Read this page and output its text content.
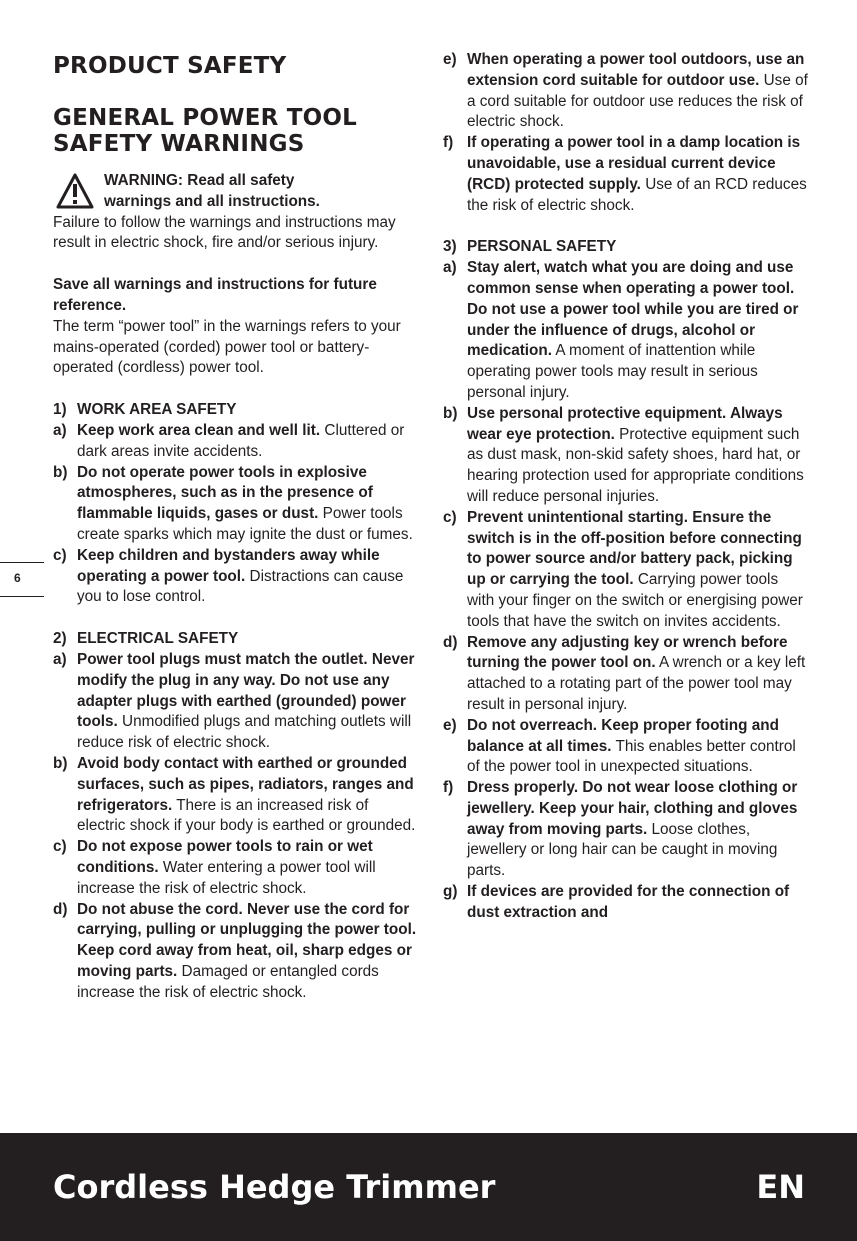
PRODUCT SAFETY
GENERAL POWER TOOL
SAFETY WARNINGS

WARNING: Read all safety

warnings and all instructions.

Failure to follow the warnings and instructions may result in electric shock, fire and/or serious injury.

Save all warnings and instructions for future reference.

The term “power tool” in the warnings refers to your mains-operated (corded) power tool or battery-operated (cordless) power tool.

1) WORK AREA SAFETY
a) Keep work area clean and well lit. Cluttered or dark areas invite accidents.
b) Do not operate power tools in explosive atmospheres, such as in the presence of flammable liquids, gases or dust. Power tools create sparks which may ignite the dust or fumes.
c) Keep children and bystanders away while operating a power tool. Distractions can cause you to lose control.
2) ELECTRICAL SAFETY
a) Power tool plugs must match the outlet. Never modify the plug in any way. Do not use any adapter plugs with earthed (grounded) power tools. Unmodified plugs and matching outlets will reduce risk of electric shock.
b) Avoid body contact with earthed or grounded surfaces, such as pipes, radiators, ranges and refrigerators. There is an increased risk of electric shock if your body is earthed or grounded.
c) Do not expose power tools to rain or wet conditions. Water entering a power tool will increase the risk of electric shock.
d) Do not abuse the cord. Never use the cord for carrying, pulling or unplugging the power tool. Keep cord away from heat, oil, sharp edges or moving parts. Damaged or entangled cords increase the risk of electric shock.
e) When operating a power tool outdoors, use an extension cord suitable for outdoor use. Use of a cord suitable for outdoor use reduces the risk of electric shock.
f) If operating a power tool in a damp location is unavoidable, use a residual current device (RCD) protected supply. Use of an RCD reduces the risk of electric shock.
3) PERSONAL SAFETY
a) Stay alert, watch what you are doing and use common sense when operating a power tool. Do not use a power tool while you are tired or under the influence of drugs, alcohol or medication. A moment of inattention while operating power tools may result in serious personal injury.
b) Use personal protective equipment. Always wear eye protection. Protective equipment such as dust mask, non-skid safety shoes, hard hat, or hearing protection used for appropriate conditions will reduce personal injuries.
c) Prevent unintentional starting. Ensure the switch is in the off-position before connecting to power source and/or battery pack, picking up or carrying the tool. Carrying power tools with your finger on the switch or energising power tools that have the switch on invites accidents.
d) Remove any adjusting key or wrench before turning the power tool on. A wrench or a key left attached to a rotating part of the power tool may result in personal injury.
e) Do not overreach. Keep proper footing and balance at all times. This enables better control of the power tool in unexpected situations.
f) Dress properly. Do not wear loose clothing or jewellery. Keep your hair, clothing and gloves away from moving parts. Loose clothes, jewellery or long hair can be caught in moving parts.
g) If devices are provided for the connection of dust extraction and
6
Cordless Hedge Trimmer	EN
